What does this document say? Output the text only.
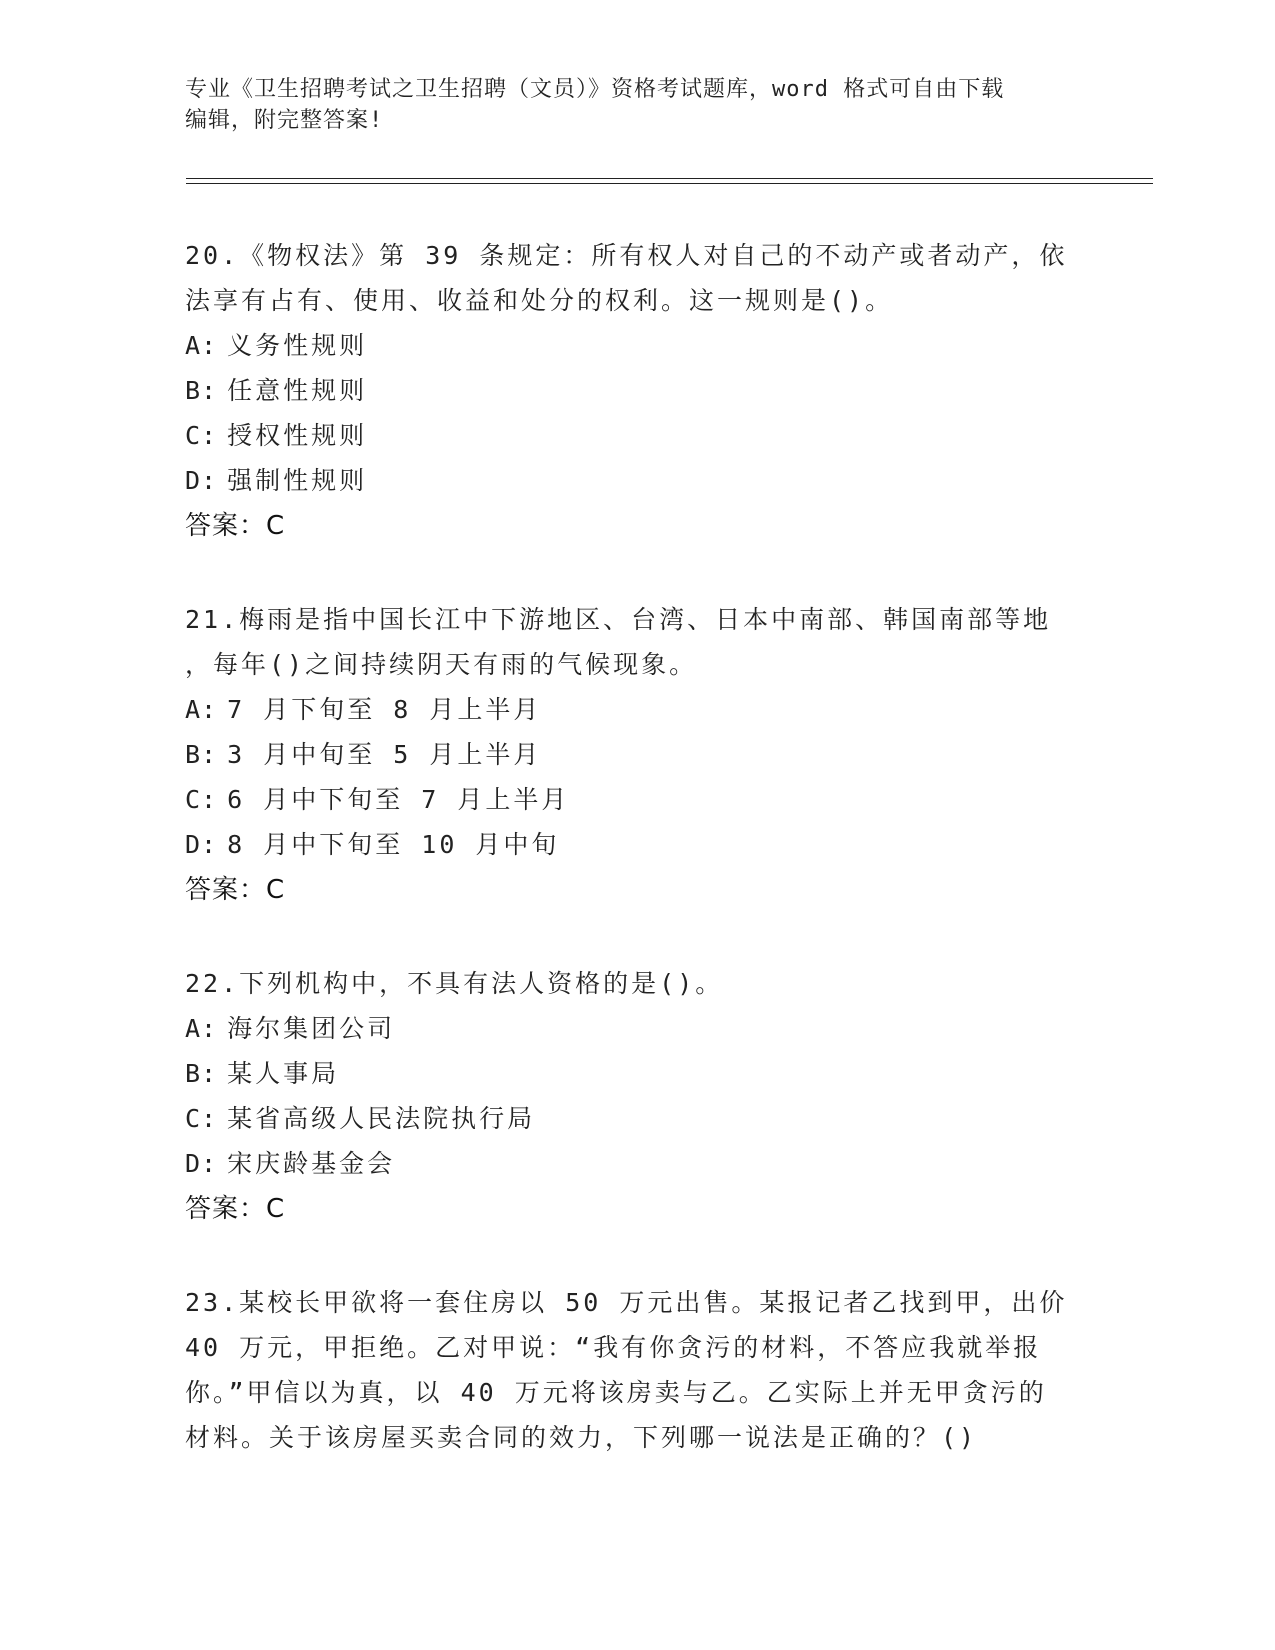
专业《卫生招聘考试之卫生招聘（文员）》资格考试题库，word 格式可自由下载
编辑，附完整答案!

20.《物权法》第 39 条规定：所有权人对自己的不动产或者动产，依

法享有占有、使用、收益和处分的权利。这一规则是()。

A: 义务性规则

B: 任意性规则

C: 授权性规则

D: 强制性规则

答案：C

21.梅雨是指中国长江中下游地区、台湾、日本中南部、韩国南部等地

，每年()之间持续阴天有雨的气候现象。

A: 7 月下旬至 8 月上半月

B: 3 月中旬至 5 月上半月

C: 6 月中下旬至 7 月上半月

D: 8 月中下旬至 10 月中旬

答案：C

22.下列机构中，不具有法人资格的是()。

A: 海尔集团公司

B: 某人事局

C: 某省高级人民法院执行局

D: 宋庆龄基金会

答案：C

23.某校长甲欲将一套住房以 50 万元出售。某报记者乙找到甲，出价

40 万元，甲拒绝。乙对甲说：“我有你贪污的材料，不答应我就举报

你。”甲信以为真，以 40 万元将该房卖与乙。乙实际上并无甲贪污的

材料。关于该房屋买卖合同的效力，下列哪一说法是正确的？()
